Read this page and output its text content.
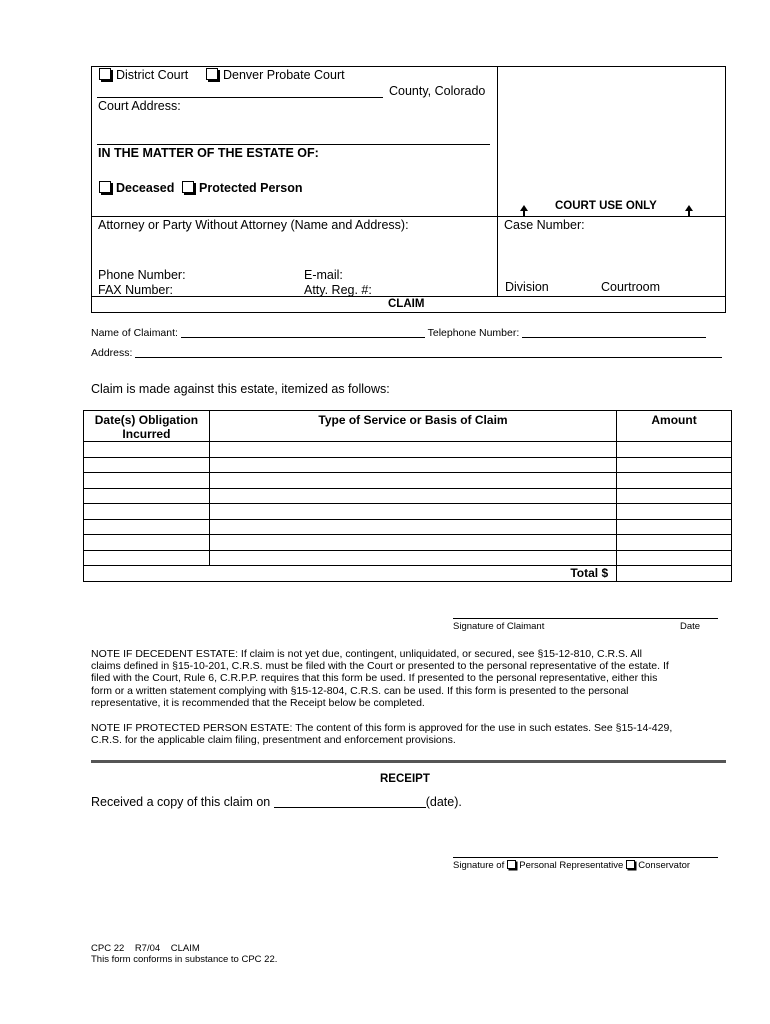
District Court	Denver Probate Court
County, Colorado
Court Address:
IN THE MATTER OF THE ESTATE OF:
Deceased	Protected Person
COURT USE ONLY
Attorney or Party Without Attorney (Name and Address):	Case Number:
Phone Number:	E-mail:
FAX Number:	Atty. Reg. #:	Division	Courtroom
CLAIM
Name of Claimant:	Telephone Number:
Address:
Claim is made against this estate, itemized as follows:
Date(s) Obligation
Incurred	Type of Service or Basis of Claim	Amount

Total $		
Signature of Claimant	Date
NOTE IF DECEDENT ESTATE: If claim is not yet due, contingent, unliquidated, or secured, see §15-12-810, C.R.S. All
claims defined in §15-10-201, C.R.S. must be filed with the Court or presented to the personal representative of the estate. If
filed with the Court, Rule 6, C.R.P.P. requires that this form be used. If presented to the personal representative, either this
form or a written statement complying with §15-12-804, C.R.S. can be used. If this form is presented to the personal
representative, it is recommended that the Receipt below be completed.
NOTE IF PROTECTED PERSON ESTATE: The content of this form is approved for the use in such estates. See §15-14-429,
C.R.S. for the applicable claim filing, presentment and enforcement provisions.
RECEIPT
Received a copy of this claim on	(date).
Signature of Personal Representative Conservator
CPC 22    R7/04    CLAIM
This form conforms in substance to CPC 22.
